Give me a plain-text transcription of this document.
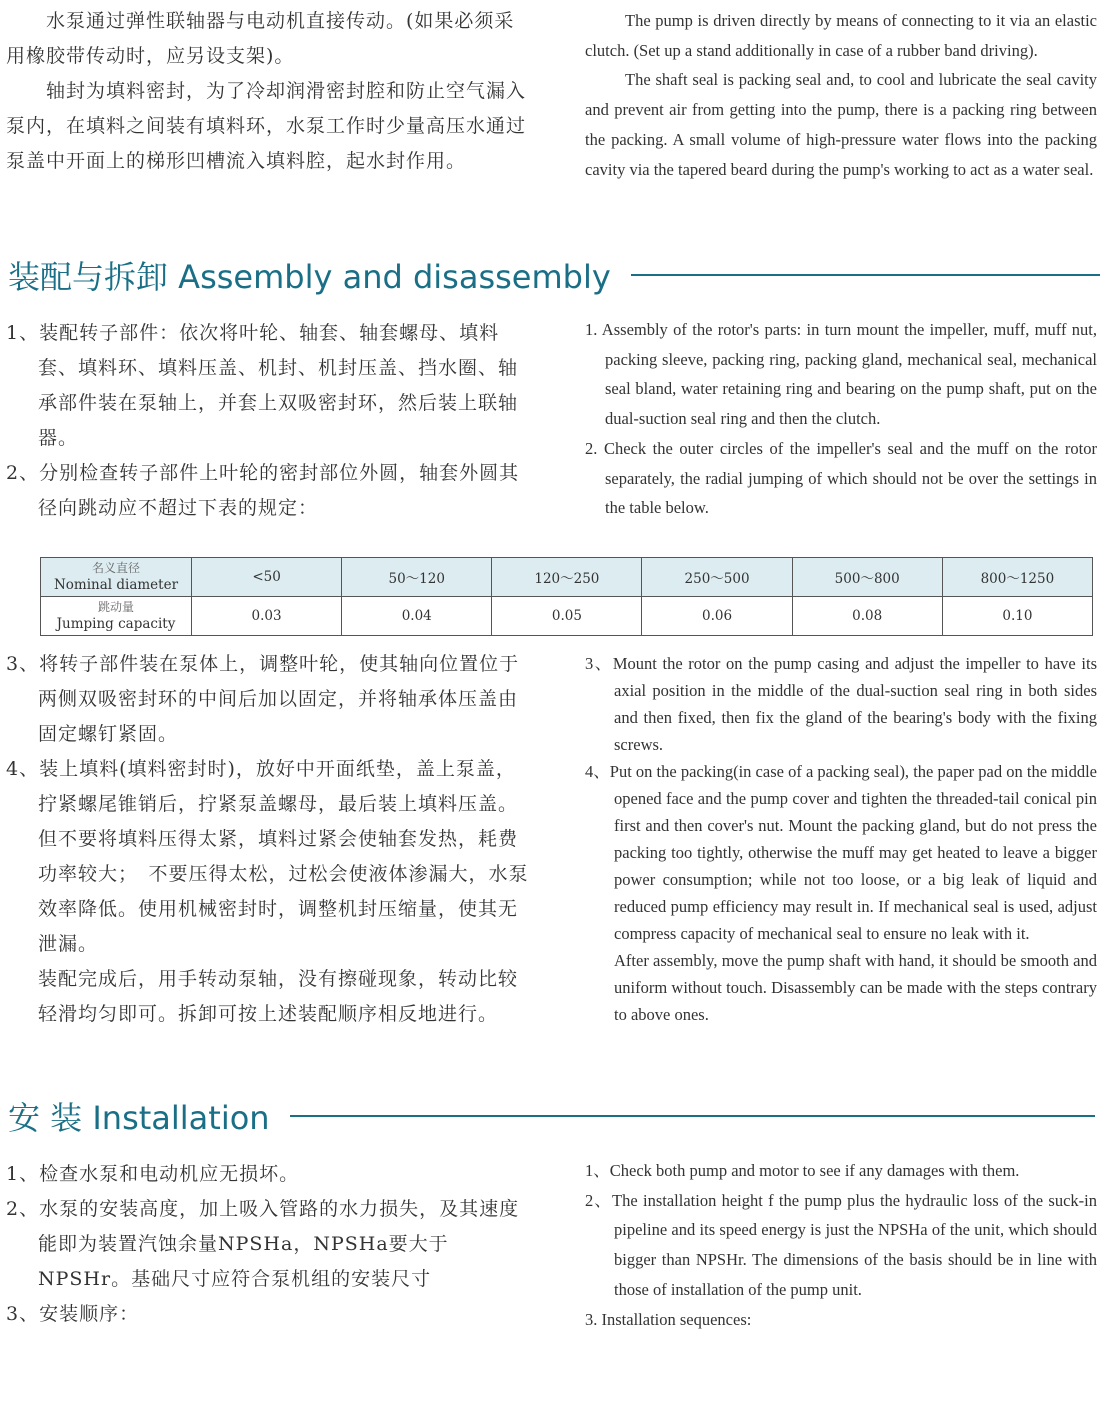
水泵通过弹性联轴器与电动机直接传动。(如果必须采用橡胶带传动时，应另设支架)。

轴封为填料密封，为了冷却润滑密封腔和防止空气漏入泵内，在填料之间装有填料环，水泵工作时少量高压水通过泵盖中开面上的梯形凹槽流入填料腔，起水封作用。

The pump is driven directly by means of connecting to it via an elastic clutch. (Set up a stand additionally in case of a rubber band driving).

The shaft seal is packing seal and, to cool and lubricate the seal cavity and prevent air from getting into the pump, there is a packing ring between the packing. A small volume of high-pressure water flows into the packing cavity via the tapered beard during the pump's working to act as a water seal.

装配与拆卸 Assembly and disassembly

1、装配转子部件：依次将叶轮、轴套、轴套螺母、填料套、填料环、填料压盖、机封、机封压盖、挡水圈、轴承部件装在泵轴上，并套上双吸密封环，然后装上联轴器。

2、分别检查转子部件上叶轮的密封部位外圆，轴套外圆其径向跳动应不超过下表的规定：

1. Assembly of the rotor's parts: in turn mount the impeller, muff, muff nut, packing sleeve, packing ring, packing gland, mechanical seal, mechanical seal bland, water retaining ring and bearing on the pump shaft, put on the dual-suction seal ring and then the clutch.

2. Check the outer circles of the impeller's seal and the muff on the rotor separately, the radial jumping of which should not be over the settings in the table below.

名义直径
Nominal diameter	<50	50～120	120～250	250～500	500～800	800～1250

跳动量
Jumping capacity	0.03	0.04	0.05	0.06	0.08	0.10

3、将转子部件装在泵体上，调整叶轮，使其轴向位置位于两侧双吸密封环的中间后加以固定，并将轴承体压盖由固定螺钉紧固。

4、装上填料(填料密封时)，放好中开面纸垫，盖上泵盖，拧紧螺尾锥销后，拧紧泵盖螺母，最后装上填料压盖。但不要将填料压得太紧，填料过紧会使轴套发热，耗费功率较大；　不要压得太松，过松会使液体渗漏大，水泵效率降低。使用机械密封时，调整机封压缩量，使其无泄漏。

装配完成后，用手转动泵轴，没有擦碰现象，转动比较轻滑均匀即可。拆卸可按上述装配顺序相反地进行。

3、Mount the rotor on the pump casing and adjust the impeller to have its axial position in the middle of the dual-suction seal ring in both sides and then fixed, then fix the gland of the bearing's body with the fixing screws.

4、Put on the packing(in case of a packing seal), the paper pad on the middle opened face and the pump cover and tighten the threaded-tail conical pin first and then cover's nut. Mount the packing gland, but do not press the packing too tightly, otherwise the muff may get heated to leave a bigger power consumption; while not too loose, or a big leak of liquid and reduced pump efficiency may result in. If mechanical seal is used, adjust compress capacity of mechanical seal to ensure no leak with it.

After assembly, move the pump shaft with hand, it should be smooth and uniform without touch. Disassembly can be made with the steps contrary to above ones.

安 装 Installation

1、检查水泵和电动机应无损坏。

2、水泵的安装高度，加上吸入管路的水力损失，及其速度能即为装置汽蚀余量NPSHa，NPSHa要大于NPSHr。基础尺寸应符合泵机组的安装尺寸

3、安装顺序：

1、Check both pump and motor to see if any damages with them.

2、The installation height f the pump plus the hydraulic loss of the suck-in pipeline and its speed energy is just the NPSHa of the unit, which should bigger than NPSHr. The dimensions of the basis should be in line with those of installation of the pump unit.

3. Installation sequences:
